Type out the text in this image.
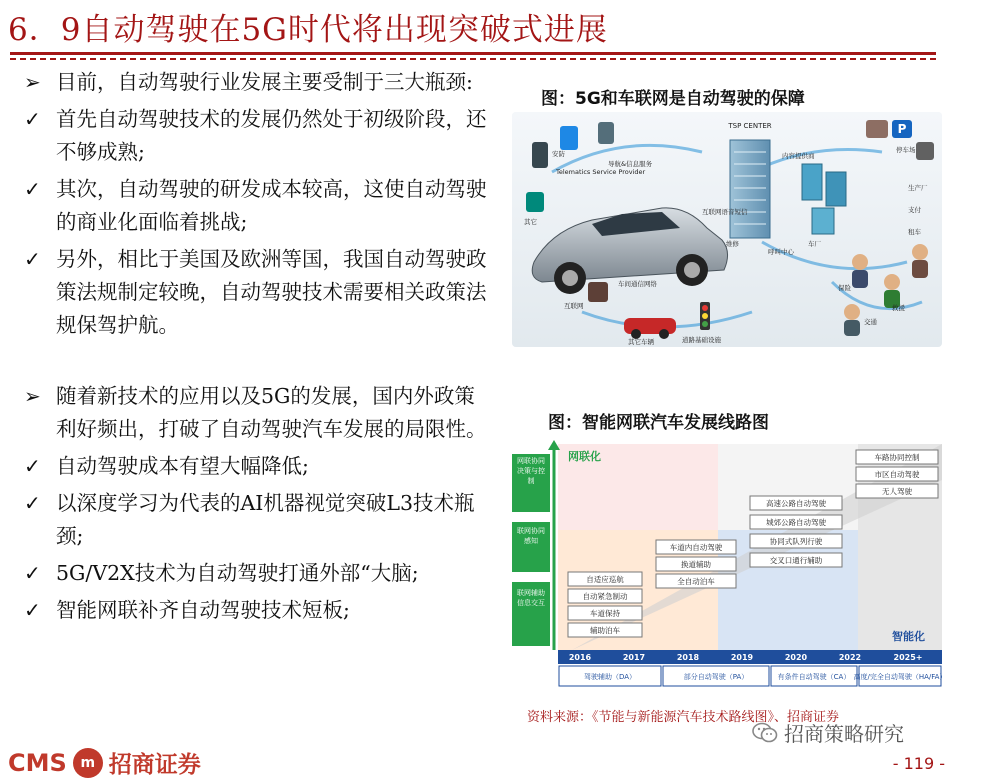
6．9自动驾驶在5G时代将出现突破式进展
➢ 目前，自动驾驶行业发展主要受制于三大瓶颈:
✓ 首先自动驾驶技术的发展仍然处于初级阶段，还不够成熟;
✓ 其次，自动驾驶的研发成本较高，这使自动驾驶的商业化面临着挑战;
✓ 另外，相比于美国及欧洲等国，我国自动驾驶政策法规制定较晚，自动驾驶技术需要相关政策法规保驾护航。
➢ 随着新技术的应用以及5G的发展，国内外政策利好频出，打破了自动驾驶汽车发展的局限性。
✓ 自动驾驶成本有望大幅降低;
✓ 以深度学习为代表的AI机器视觉突破L3技术瓶颈;
✓ 5G/V2X技术为自动驾驶打通外部“大脑;
✓ 智能网联补齐自动驾驶技术短板;
图：5G和车联网是自动驾驶的保障
TSP CENTER	P
Telematics Service Provider
安防
其它
导航&信息服务
互联网语音短信
内容提供商
停车场
互联网
车间通信网络
道路基础设施
其它车辆
维修	车厂
呼叫中心
保险
生产厂
救援
支付
交通
租车
图：智能网联汽车发展线路图
网联化
智能化
网联协同决策与控制
联网协同感知
联网辅助信息交互
自适应巡航
自动紧急制动
车道保持
辅助泊车
车道内自动驾驶
换道辅助
全自动泊车
高速公路自动驾驶
城郊公路自动驾驶
协同式队列行驶
交叉口通行辅助
车路协同控制
市区自动驾驶
无人驾驶
2016	2017	2018	2019	2020	2022	2025+
驾驶辅助（DA）	部分自动驾驶（PA）	有条件自动驾驶（CA） 高度/完全自动驾驶（HA/FA）
资料来源：《节能与新能源汽车技术路线图》、招商证券
CMS m 招商证券
招商策略研究
- 119 -
